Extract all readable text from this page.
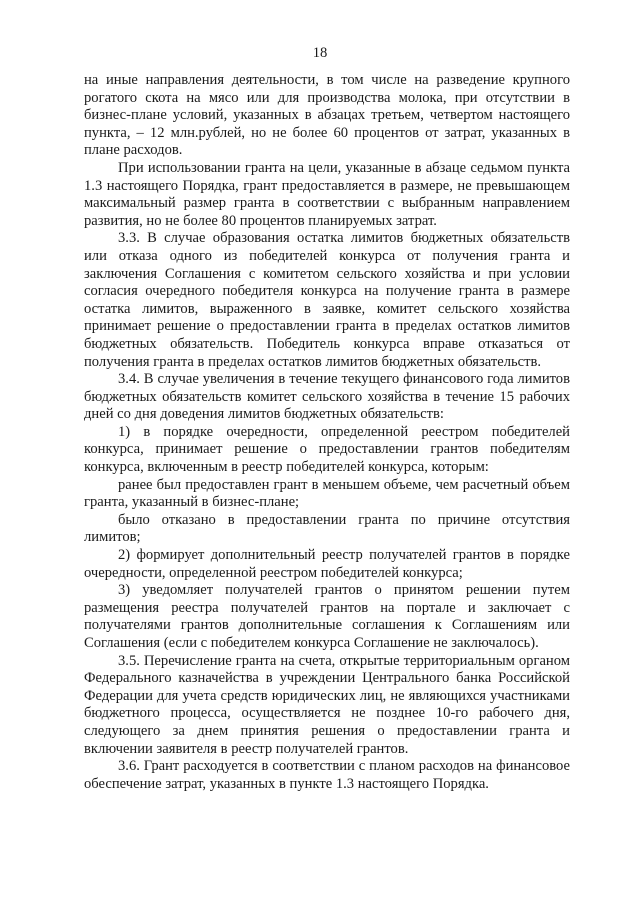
18

на иные направления деятельности, в том числе на разведение крупного рогатого скота на мясо или для производства молока, при отсутствии в бизнес-плане условий, указанных в абзацах третьем, четвертом настоящего пункта, – 12 млн.рублей, но не более 60 процентов от затрат, указанных в плане расходов.

При использовании гранта на цели, указанные в абзаце седьмом пункта 1.3 настоящего Порядка, грант предоставляется в размере, не превышающем максимальный размер гранта в соответствии с выбранным направлением развития, но не более 80 процентов планируемых затрат.

3.3. В случае образования остатка лимитов бюджетных обязательств или отказа одного из победителей конкурса от получения гранта и заключения Соглашения с комитетом сельского хозяйства и при условии согласия очередного победителя конкурса на получение гранта в размере остатка лимитов, выраженного в заявке, комитет сельского хозяйства принимает решение о предоставлении гранта в пределах остатков лимитов бюджетных обязательств. Победитель конкурса вправе отказаться от получения гранта в пределах остатков лимитов бюджетных обязательств.

3.4. В случае увеличения в течение текущего финансового года лимитов бюджетных обязательств комитет сельского хозяйства в течение 15 рабочих дней со дня доведения лимитов бюджетных обязательств:

1) в порядке очередности, определенной реестром победителей конкурса, принимает решение о предоставлении грантов победителям конкурса, включенным в реестр победителей конкурса, которым:

ранее был предоставлен грант в меньшем объеме, чем расчетный объем гранта, указанный в бизнес-плане;

было отказано в предоставлении гранта по причине отсутствия лимитов;

2) формирует дополнительный реестр получателей грантов в порядке очередности, определенной реестром победителей конкурса;

3) уведомляет получателей грантов о принятом решении путем размещения реестра получателей грантов на портале и заключает с получателями грантов дополнительные соглашения к Соглашениям или Соглашения (если с победителем конкурса Соглашение не заключалось).

3.5. Перечисление гранта на счета, открытые территориальным органом Федерального казначейства в учреждении Центрального банка Российской Федерации для учета средств юридических лиц, не являющихся участниками бюджетного процесса, осуществляется не позднее 10-го рабочего дня, следующего за днем принятия решения о предоставлении гранта и включении заявителя в реестр получателей грантов.

3.6. Грант расходуется в соответствии с планом расходов на финансовое обеспечение затрат, указанных в пункте 1.3 настоящего Порядка.
